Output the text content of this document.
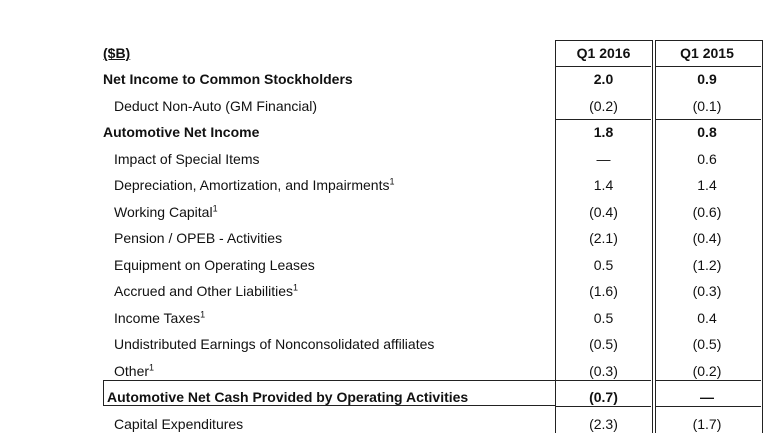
($B)	Q1 2016	Q1 2015
Net Income to Common Stockholders	2.0	0.9
Deduct Non-Auto (GM Financial)	(0.2)	(0.1)
Automotive Net Income	1.8	0.8
Impact of Special Items	—	0.6
Depreciation, Amortization, and Impairments$^1$	1.4	1.4
Working Capital$^1$	(0.4)	(0.6)
Pension / OPEB - Activities	(2.1)	(0.4)
Equipment on Operating Leases	0.5	(1.2)
Accrued and Other Liabilities$^1$	(1.6)	(0.3)
Income Taxes$^1$	0.5	0.4
Undistributed Earnings of Nonconsolidated affiliates	(0.5)	(0.5)
Other$^1$	(0.3)	(0.2)
Automotive Net Cash Provided by Operating Activities	(0.7)	—
Capital Expenditures	(2.3)	(1.7)
